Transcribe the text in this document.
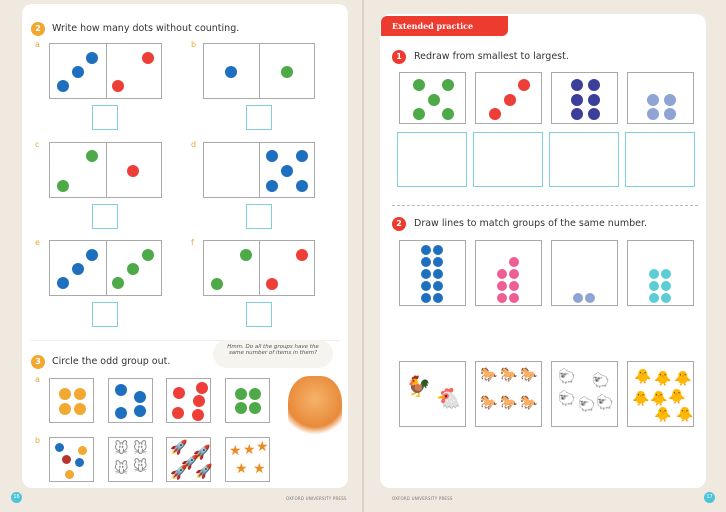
2	Write how many dots without counting.
a	b
c	d
e	f
3	Circle the odd group out.
a
b
🐭 🐭
🐭 🐭
🚀 🚀
🚀
🚀 🚀
★ ★ ★
★ ★
Hmm. Do all the groups have the same number of items in them?
16	OXFORD UNIVERSITY PRESS
Extended practice
1	Redraw from smallest to largest.
2	Draw lines to match groups of the same number.
🐓 🐔
🐎 🐎 🐎
🐎 🐎 🐎
🐑 🐑
🐑 🐑 🐑
🐥 🐥 🐥
🐥 🐥 🐥
🐥 🐥
OXFORD UNIVERSITY PRESS	17
